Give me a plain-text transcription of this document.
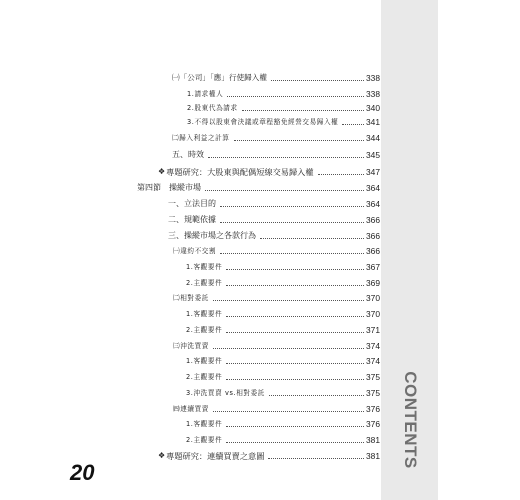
㈠「公司」「應」行使歸入權	338
1.請求權人	338
2.股東代為請求	340
3.不得以股東會決議或章程豁免經營交易歸入權	341
㈡歸入利益之計算	344
五、時效	345
❖ 專題研究：大股東與配偶短線交易歸入權	347
第四節　操縱市場	364
一、立法目的	364
二、規範依據	366
三、操縱市場之各款行為	366
㈠違約不交割	366
1.客觀要件	367
2.主觀要件	369
㈡相對委託	370
1.客觀要件	370
2.主觀要件	371
㈢沖洗買賣	374
1.客觀要件	374
2.主觀要件	375
3.沖洗買賣 vs.相對委託	375
㈣連續買賣	376
1.客觀要件	376
2.主觀要件	381
❖ 專題研究：連續買賣之意圖	381
20
CONTENTS
